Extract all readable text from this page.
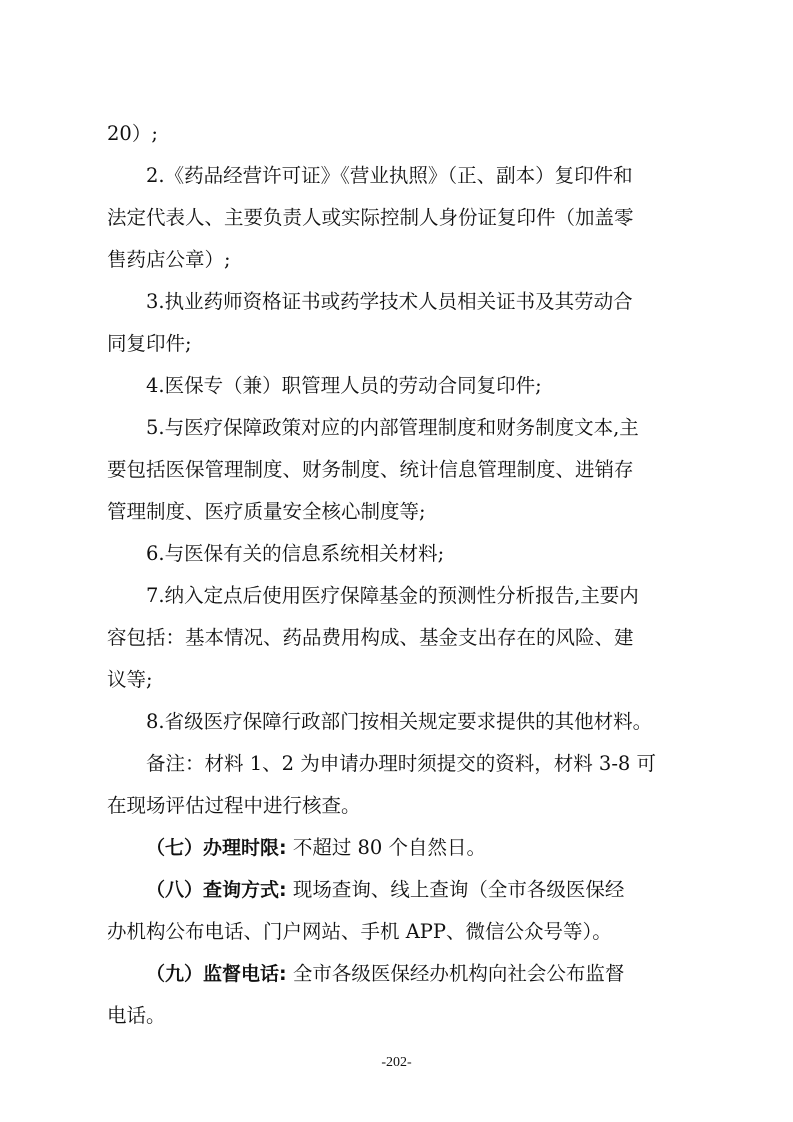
20）;
2.《药品经营许可证》《营业执照》（正、副本）复印件和
法定代表人、主要负责人或实际控制人身份证复印件（加盖零
售药店公章）;
3.执业药师资格证书或药学技术人员相关证书及其劳动合
同复印件;
4.医保专（兼）职管理人员的劳动合同复印件;
5.与医疗保障政策对应的内部管理制度和财务制度文本,主
要包括医保管理制度、财务制度、统计信息管理制度、进销存
管理制度、医疗质量安全核心制度等;
6.与医保有关的信息系统相关材料;
7.纳入定点后使用医疗保障基金的预测性分析报告,主要内
容包括：基本情况、药品费用构成、基金支出存在的风险、建
议等;
8.省级医疗保障行政部门按相关规定要求提供的其他材料。
备注：材料 1、2 为申请办理时须提交的资料，材料 3-8 可
在现场评估过程中进行核查。
（七）办理时限: 不超过 80 个自然日。
（八）查询方式: 现场查询、线上查询（全市各级医保经
办机构公布电话、门户网站、手机 APP、微信公众号等）。
（九）监督电话: 全市各级医保经办机构向社会公布监督
电话。
-202-
